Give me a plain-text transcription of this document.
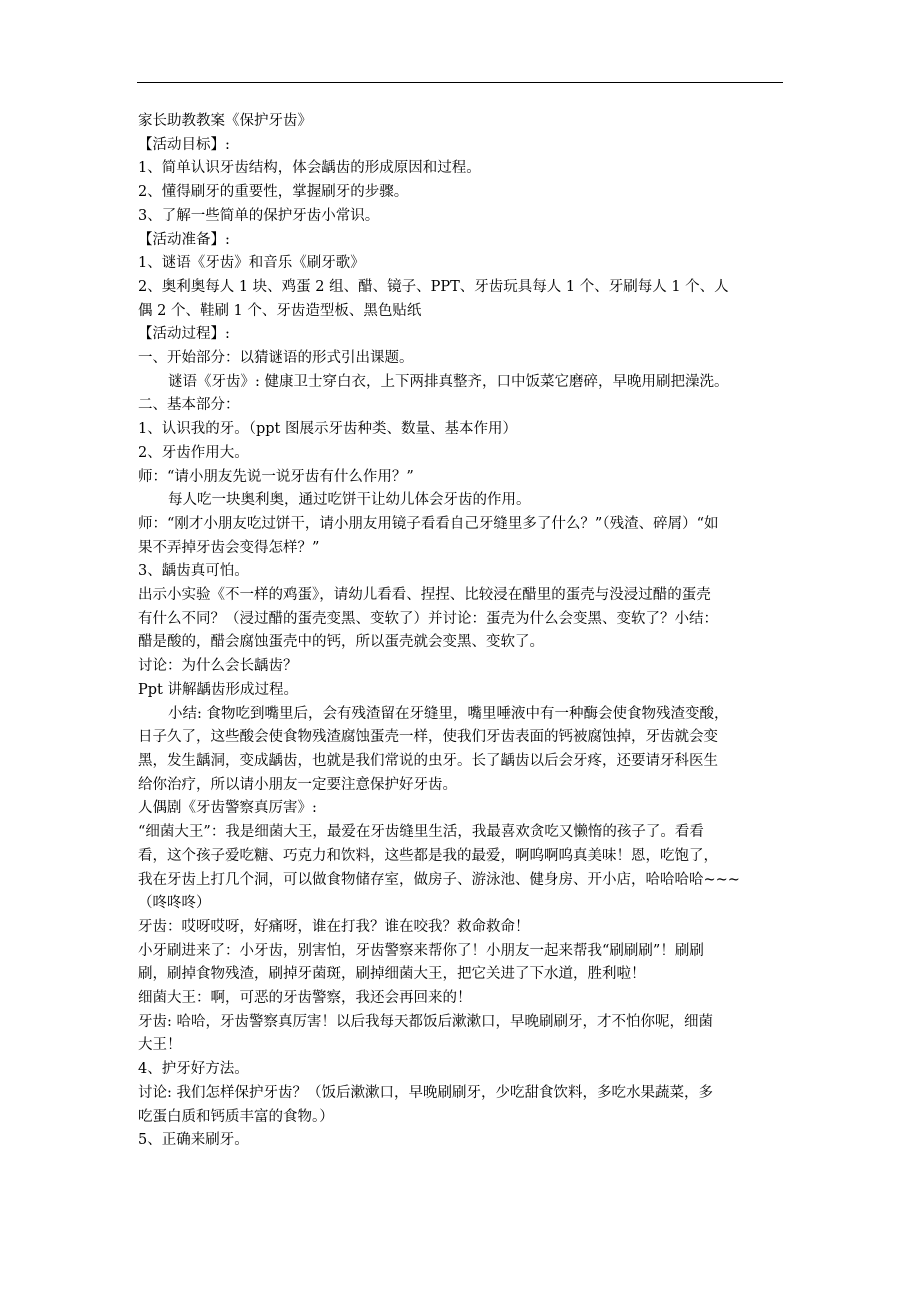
家长助教教案《保护牙齿》
【活动目标】:
1、简单认识牙齿结构，体会龋齿的形成原因和过程。
2、懂得刷牙的重要性，掌握刷牙的步骤。
3、了解一些简单的保护牙齿小常识。
【活动准备】:
1、谜语《牙齿》和音乐《刷牙歌》
2、奥利奥每人 1 块、鸡蛋 2 组、醋、镜子、PPT、牙齿玩具每人 1 个、牙刷每人 1 个、人
偶 2 个、鞋刷 1 个、牙齿造型板、黑色贴纸
【活动过程】:
一、开始部分：以猜谜语的形式引出课题。
谜语《牙齿》: 健康卫士穿白衣，上下两排真整齐，口中饭菜它磨碎，早晚用刷把澡洗。
二、基本部分：
1、认识我的牙。（ppt 图展示牙齿种类、数量、基本作用）
2、牙齿作用大。
师：“请小朋友先说一说牙齿有什么作用？”
每人吃一块奥利奥，通过吃饼干让幼儿体会牙齿的作用。
师：“刚才小朋友吃过饼干，请小朋友用镜子看看自己牙缝里多了什么？”（残渣、碎屑）“如
果不弄掉牙齿会变得怎样？”
3、龋齿真可怕。
出示小实验《不一样的鸡蛋》，请幼儿看看、捏捏、比较浸在醋里的蛋壳与没浸过醋的蛋壳
有什么不同？（浸过醋的蛋壳变黑、变软了）并讨论：蛋壳为什么会变黑、变软了？小结：
醋是酸的，醋会腐蚀蛋壳中的钙，所以蛋壳就会变黑、变软了。
讨论：为什么会长龋齿？
Ppt 讲解龋齿形成过程。
小结: 食物吃到嘴里后，会有残渣留在牙缝里，嘴里唾液中有一种酶会使食物残渣变酸，
日子久了，这些酸会使食物残渣腐蚀蛋壳一样，使我们牙齿表面的钙被腐蚀掉，牙齿就会变
黑，发生龋洞，变成龋齿，也就是我们常说的虫牙。长了龋齿以后会牙疼，还要请牙科医生
给你治疗，所以请小朋友一定要注意保护好牙齿。
人偶剧《牙齿警察真厉害》:
“细菌大王”：我是细菌大王，最爱在牙齿缝里生活，我最喜欢贪吃又懒惰的孩子了。看看
看，这个孩子爱吃糖、巧克力和饮料，这些都是我的最爱，啊呜啊呜真美味！恩，吃饱了，
我在牙齿上打几个洞，可以做食物储存室，做房子、游泳池、健身房、开小店，哈哈哈哈~~~
（咚咚咚）
牙齿：哎呀哎呀，好痛呀，谁在打我？谁在咬我？救命救命！
小牙刷进来了：小牙齿，别害怕，牙齿警察来帮你了！小朋友一起来帮我“刷刷刷”！刷刷
刷，刷掉食物残渣，刷掉牙菌斑，刷掉细菌大王，把它关进了下水道，胜利啦！
细菌大王：啊，可恶的牙齿警察，我还会再回来的！
牙齿: 哈哈，牙齿警察真厉害！以后我每天都饭后漱漱口，早晚刷刷牙，才不怕你呢，细菌
大王！
4、护牙好方法。
讨论: 我们怎样保护牙齿？（饭后漱漱口，早晚刷刷牙，少吃甜食饮料，多吃水果蔬菜，多
吃蛋白质和钙质丰富的食物。）
5、正确来刷牙。
